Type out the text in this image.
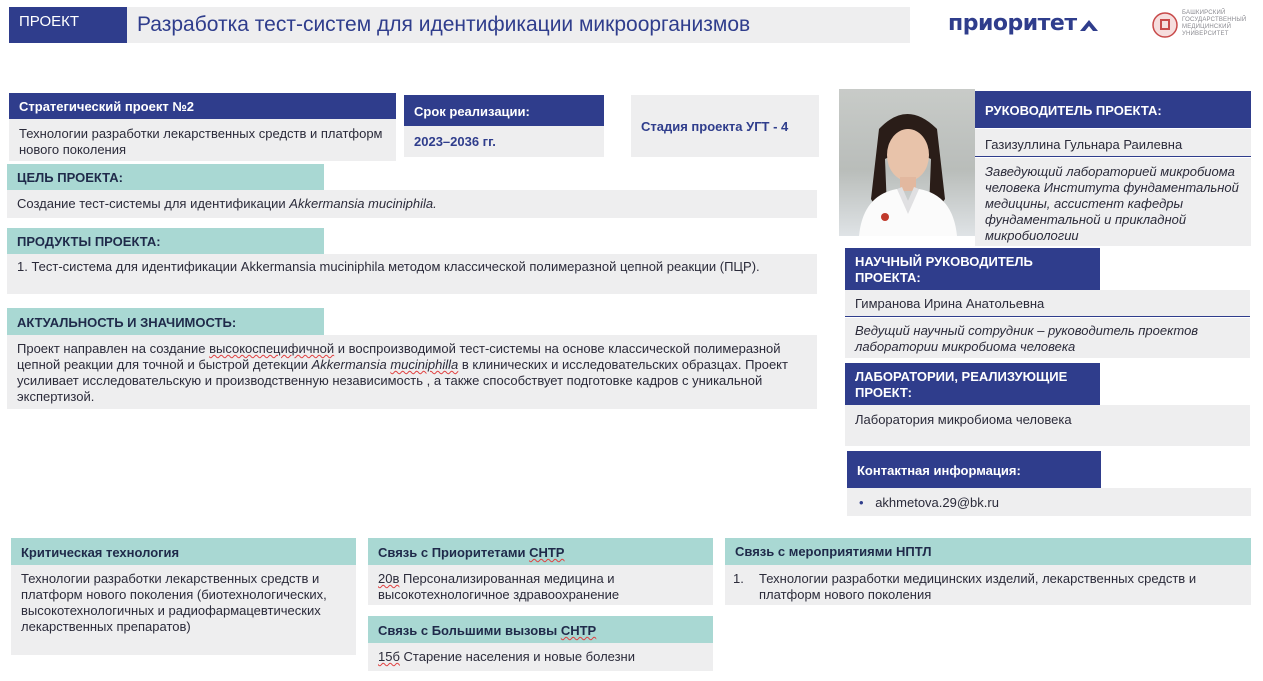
ПРОЕКТ	Разработка тест-систем для идентификации микроорганизмов	приоритет	БАШКИРСКИЙ
ГОСУДАРСТВЕННЫЙ
МЕДИЦИНСКИЙ
УНИВЕРСИТЕТ
Стратегический проект №2
Технологии разработки лекарственных средств и платформ нового поколения
Срок реализации:
2023–2036 гг.
Стадия проекта УГТ - 4
ЦЕЛЬ ПРОЕКТА:
Создание тест-системы для идентификации Akkermansia muciniphila.
ПРОДУКТЫ ПРОЕКТА:
1. Тест-система для идентификации Akkermansia muciniphila методом классической полимеразной цепной реакции (ПЦР).
АКТУАЛЬНОСТЬ И ЗНАЧИМОСТЬ:
Проект направлен на создание высокоспецифичной и воспроизводимой тест-системы на основе классической полимеразной цепной реакции для точной и быстрой детекции Akkermansia muciniphilla в клинических и исследовательских образцах. Проект усиливает исследовательскую и производственную независимость , а также способствует подготовке кадров с уникальной экспертизой.
РУКОВОДИТЕЛЬ ПРОЕКТА:
Газизуллина Гульнара Раилевна
Заведующий лабораторией микробиома человека Института фундаментальной медицины, ассистент кафедры фундаментальной и прикладной микробиологии
НАУЧНЫЙ РУКОВОДИТЕЛЬ ПРОЕКТА:
Гимранова Ирина Анатольевна
Ведущий научный сотрудник – руководитель проектов лаборатории микробиома человека
ЛАБОРАТОРИИ, РЕАЛИЗУЮЩИЕ ПРОЕКТ:
Лаборатория микробиома человека
Контактная информация:
• akhmetova.29@bk.ru
Критическая технология
Технологии разработки лекарственных средств и платформ нового поколения (биотехнологических, высокотехнологичных и радиофармацевтических лекарственных препаратов)
Связь с Приоритетами СНТР
20в Персонализированная медицина и высокотехнологичное здравоохранение
Связь с Большими вызовы СНТР
15б Старение населения и новые болезни
Связь с мероприятиями НПТЛ
1. Технологии разработки медицинских изделий, лекарственных средств и платформ нового поколения
